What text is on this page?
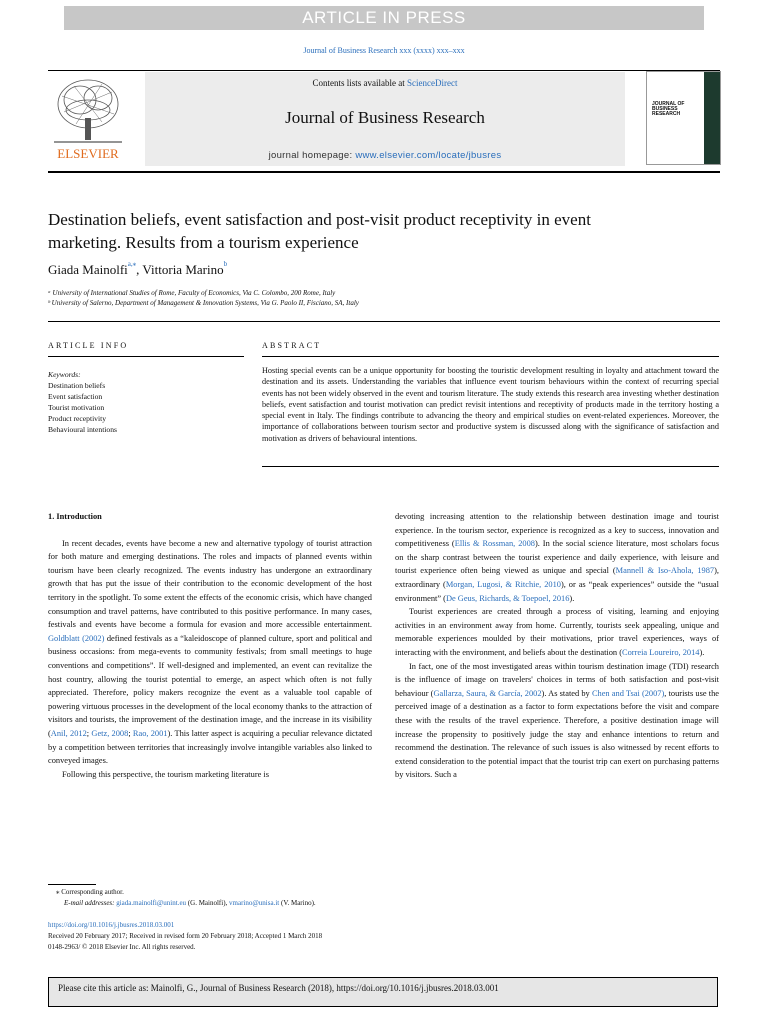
ARTICLE IN PRESS
Journal of Business Research xxx (xxxx) xxx–xxx
ELSEVIER
Contents lists available at ScienceDirect
Journal of Business Research
journal homepage: www.elsevier.com/locate/jbusres
JOURNAL OF BUSINESS RESEARCH
Destination beliefs, event satisfaction and post-visit product receptivity in event marketing. Results from a tourism experience
Giada Mainolfi$^{a,⁎}$, Vittoria Marino$^b$
ᵃ University of International Studies of Rome, Faculty of Economics, Via C. Colombo, 200 Rome, Italy
ᵇ University of Salerno, Department of Management & Innovation Systems, Via G. Paolo II, Fisciano, SA, Italy
ARTICLE INFO	ABSTRACT
Keywords:
Destination beliefs
Event satisfaction
Tourist motivation
Product receptivity
Behavioural intentions
Hosting special events can be a unique opportunity for boosting the touristic development resulting in loyalty and attachment toward the destination and its assets. Understanding the variables that influence event tourism behaviours within the context of recurring special events has not been widely observed in the event and tourism literature. The study extends this research area investing whether destination beliefs, event satisfaction and tourist motivation can predict revisit intentions and receptivity of products made in the territory hosting a special event in Italy. The findings contribute to advancing the theory and empirical studies on event-related experiences. Moreover, the importance of collaborations between tourism sector and productive system is discussed along with the significance of satisfaction and motivation as drivers of behavioural intentions.

1. Introduction

In recent decades, events have become a new and alternative typology of tourist attraction for both mature and emerging destinations. The roles and impacts of planned events within tourism have been clearly recognized. The events industry has undergone an extraordinary growth that has put the issue of their contribution to the economic development of the host territory in the spotlight. To some extent the effects of the economic crisis, which have changed consumption and travel patterns, have contributed to this positive performance. In many cases, festivals and events have become a formula for evasion and more accessible entertainment. Goldblatt (2002) defined festivals as a “kaleidoscope of planned culture, sport and political and business occasions: from mega-events to community festivals; from small meetings to huge conventions and competitions”. If well-designed and implemented, an event can revitalize the host country, allowing the tourist potential to emerge, an aspect which often is not fully appreciated. Therefore, policy makers recognize the event as a valuable tool capable of powering virtuous processes in the development of the local economy thanks to the attraction of visitors and tourists, the improvement of the destination image, and the increase in its visibility (Anil, 2012; Getz, 2008; Rao, 2001). This latter aspect is acquiring a peculiar relevance dictated by a competition between territories that increasingly involve intangible variables also linked to conveyed images.

Following this perspective, the tourism marketing literature is

devoting increasing attention to the relationship between destination image and tourist experience. In the tourism sector, experience is recognized as a key to success, innovation and competitiveness (Ellis & Rossman, 2008). In the social science literature, most scholars focus on the sharp contrast between the tourist experience and daily experience, with leisure and tourist experience often being viewed as unique and special (Mannell & Iso-Ahola, 1987), extraordinary (Morgan, Lugosi, & Ritchie, 2010), or as “peak experiences” outside the “usual environment” (De Geus, Richards, & Toepoel, 2016).

Tourist experiences are created through a process of visiting, learning and enjoying activities in an environment away from home. Currently, tourists seek appealing, unique and memorable experiences moulded by their motivations, prior travel experiences, ways of interacting with the environment, and beliefs about the destination (Correia Loureiro, 2014).

In fact, one of the most investigated areas within tourism destination image (TDI) research is the influence of image on travelers' choices in terms of both satisfaction and post-visit behaviour (Gallarza, Saura, & García, 2002). As stated by Chen and Tsai (2007), tourists use the perceived image of a destination as a factor to form expectations before the visit and compare these with the results of the travel experience. Therefore, a positive destination image will increase the propensity to positively judge the stay and enhance intentions to return and recommend the destination. The relevance of such issues is also witnessed by recent efforts to extend consideration to the potential impact that the tourist trip can exert on purchasing patterns by visitors. Such a

⁎ Corresponding author.
E-mail addresses: giada.mainolfi@unint.eu (G. Mainolfi), vmarino@unisa.it (V. Marino).
https://doi.org/10.1016/j.jbusres.2018.03.001
Received 20 February 2017; Received in revised form 20 February 2018; Accepted 1 March 2018
0148-2963/ © 2018 Elsevier Inc. All rights reserved.
Please cite this article as: Mainolfi, G., Journal of Business Research (2018), https://doi.org/10.1016/j.jbusres.2018.03.001
